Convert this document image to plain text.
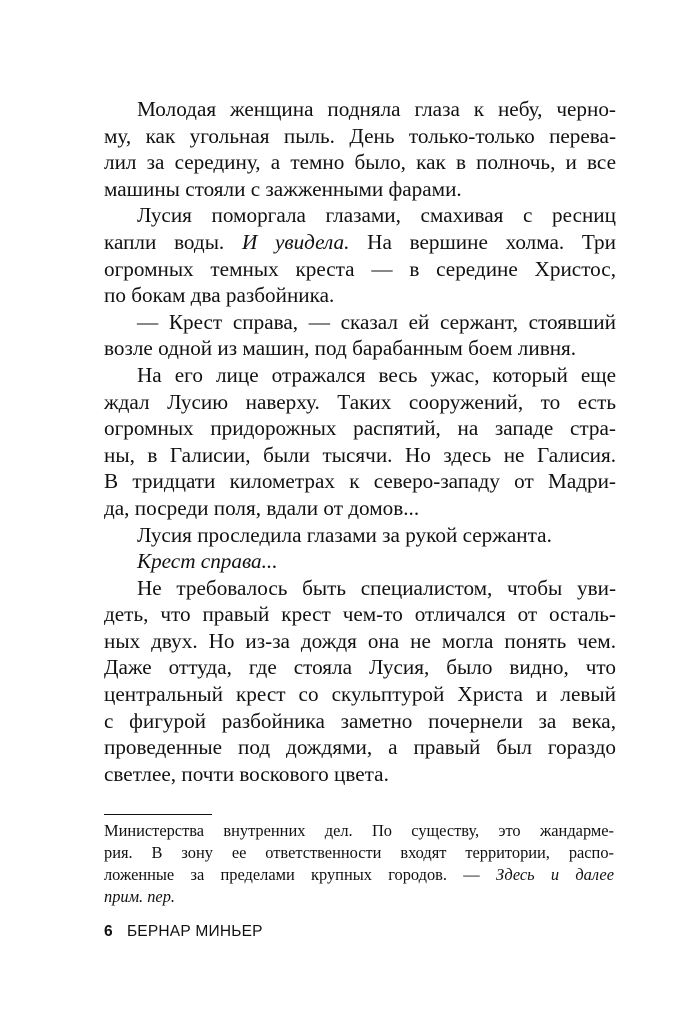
Молодая женщина подняла глаза к небу, черно-
му, как угольная пыль. День только-только перева-
лил за середину, а темно было, как в полночь, и все
машины стояли с зажженными фарами.
Лусия поморгала глазами, смахивая с ресниц
капли воды. И увидела. На вершине холма. Три
огромных темных креста — в середине Христос,
по бокам два разбойника.
— Крест справа, — сказал ей сержант, стоявший
возле одной из машин, под барабанным боем ливня.
На его лице отражался весь ужас, который еще
ждал Лусию наверху. Таких сооружений, то есть
огромных придорожных распятий, на западе стра-
ны, в Галисии, были тысячи. Но здесь не Галисия.
В тридцати километрах к северо-западу от Мадри-
да, посреди поля, вдали от домов...
Лусия проследила глазами за рукой сержанта.
Крест справа...
Не требовалось быть специалистом, чтобы уви-
деть, что правый крест чем-то отличался от осталь-
ных двух. Но из-за дождя она не могла понять чем.
Даже оттуда, где стояла Лусия, было видно, что
центральный крест со скульптурой Христа и левый
с фигурой разбойника заметно почернели за века,
проведенные под дождями, а правый был гораздо
светлее, почти воскового цвета.
Министерства внутренних дел. По существу, это жандарме-
рия. В зону ее ответственности входят территории, распо-
ложенные за пределами крупных городов. — Здесь и далее
прим. пер.
6 БЕРНАР МИНЬЕР
